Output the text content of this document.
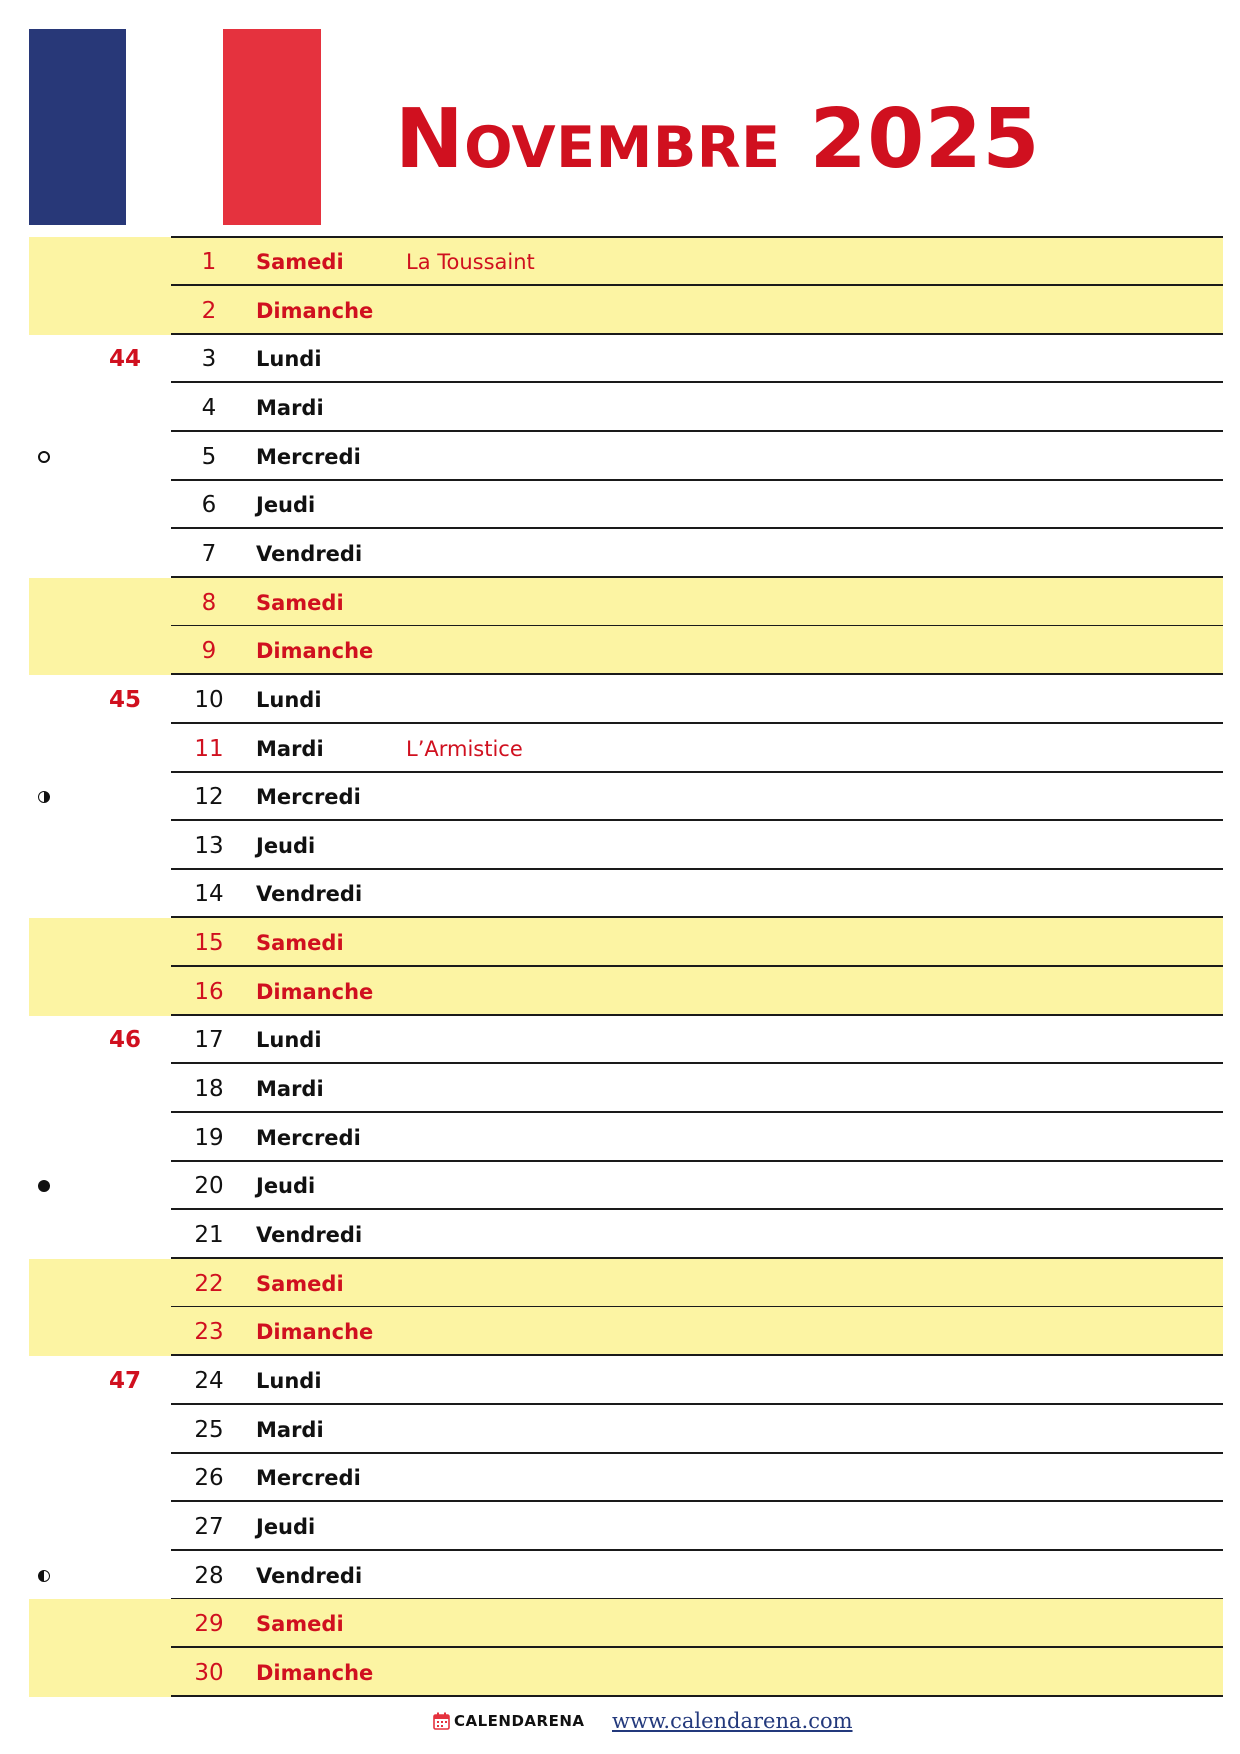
Novembre 2025
1	Samedi	La Toussaint
2	Dimanche
44	3	Lundi
4	Mardi
5	Mercredi
6	Jeudi
7	Vendredi
8	Samedi
9	Dimanche
45	10	Lundi
11	Mardi	L’Armistice
12	Mercredi
13	Jeudi
14	Vendredi
15	Samedi
16	Dimanche
46	17	Lundi
18	Mardi
19	Mercredi
20	Jeudi
21	Vendredi
22	Samedi
23	Dimanche
47	24	Lundi
25	Mardi
26	Mercredi
27	Jeudi
28	Vendredi
29	Samedi
30	Dimanche
CALENDARENA www.calendarena.com
